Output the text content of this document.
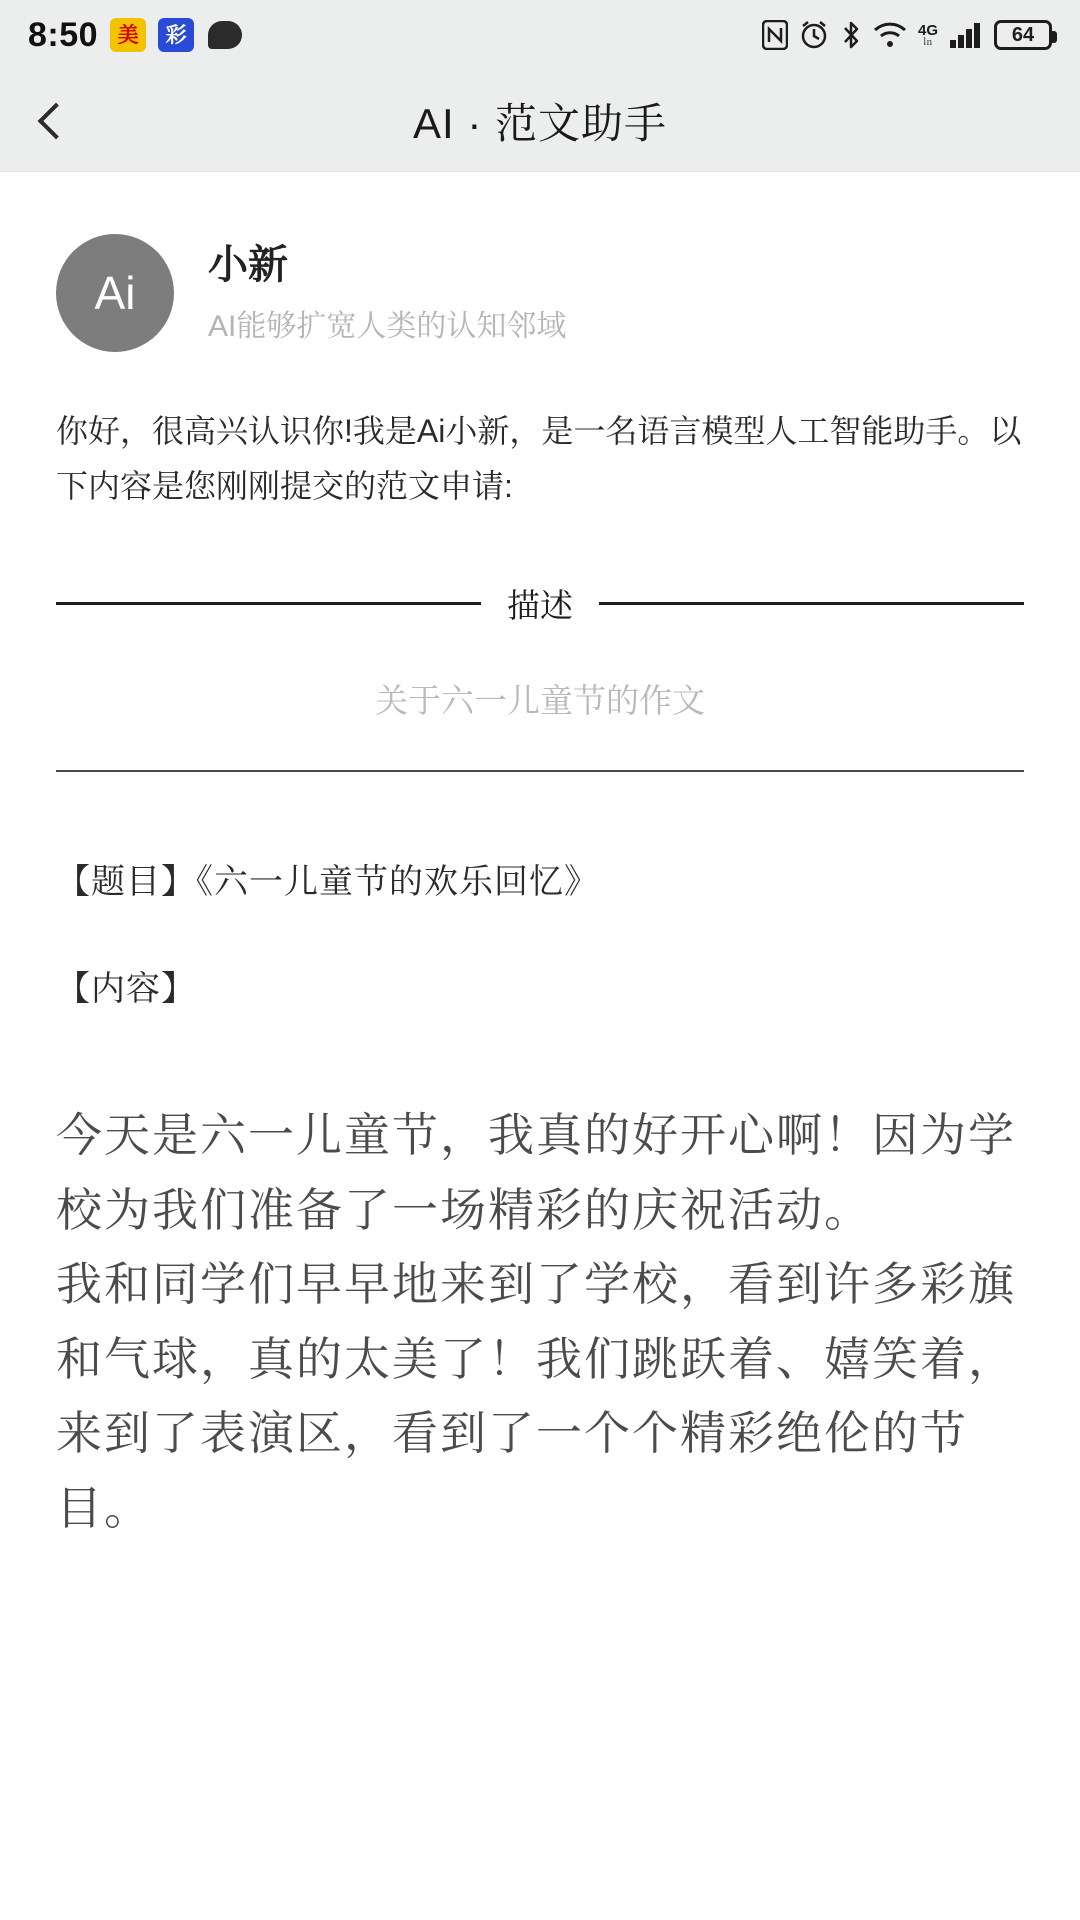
8:50 美	彩	4G
㏑	64
AI · 范文助手
Ai
小新
AI能够扩宽人类的认知邻域
你好，很高兴认识你!我是Ai小新，是一名语言模型人工智能助手。以下内容是您刚刚提交的范文申请:
描述
关于六一儿童节的作文
【题目】《六一儿童节的欢乐回忆》
【内容】

今天是六一儿童节，我真的好开心啊！因为学校为我们准备了一场精彩的庆祝活动。

我和同学们早早地来到了学校，看到许多彩旗和气球，真的太美了！我们跳跃着、嬉笑着，来到了表演区，看到了一个个精彩绝伦的节目。
